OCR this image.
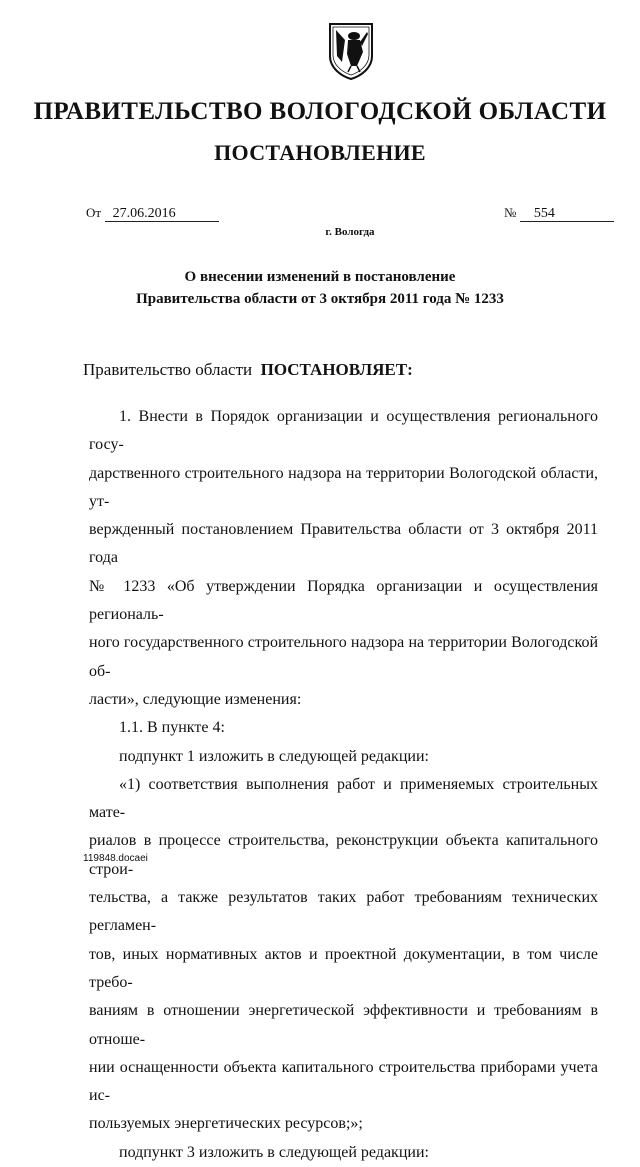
ПРАВИТЕЛЬСТВО ВОЛОГОДСКОЙ ОБЛАСТИ
ПОСТАНОВЛЕНИЕ
От 27.06.2016	№ 554
г. Вологда
О внесении изменений в постановление
Правительства области от 3 октября 2011 года № 1233
Правительство области ПОСТАНОВЛЯЕТ:

1. Внести в Порядок организации и осуществления регионального госу-

дарственного строительного надзора на территории Вологодской области, ут-

вержденный постановлением Правительства области от 3 октября 2011 года

№ 1233 «Об утверждении Порядка организации и осуществления региональ-

ного государственного строительного надзора на территории Вологодской об-

ласти», следующие изменения:

1.1. В пункте 4:

подпункт 1 изложить в следующей редакции:

«1) соответствия выполнения работ и применяемых строительных мате-

риалов в процессе строительства, реконструкции объекта капитального строи-

тельства, а также результатов таких работ требованиям технических регламен-

тов, иных нормативных актов и проектной документации, в том числе требо-

ваниям в отношении энергетической эффективности и требованиям в отноше-

нии оснащенности объекта капитального строительства приборами учета ис-

пользуемых энергетических ресурсов;»;

подпункт 3 изложить в следующей редакции:

119848.docaei
